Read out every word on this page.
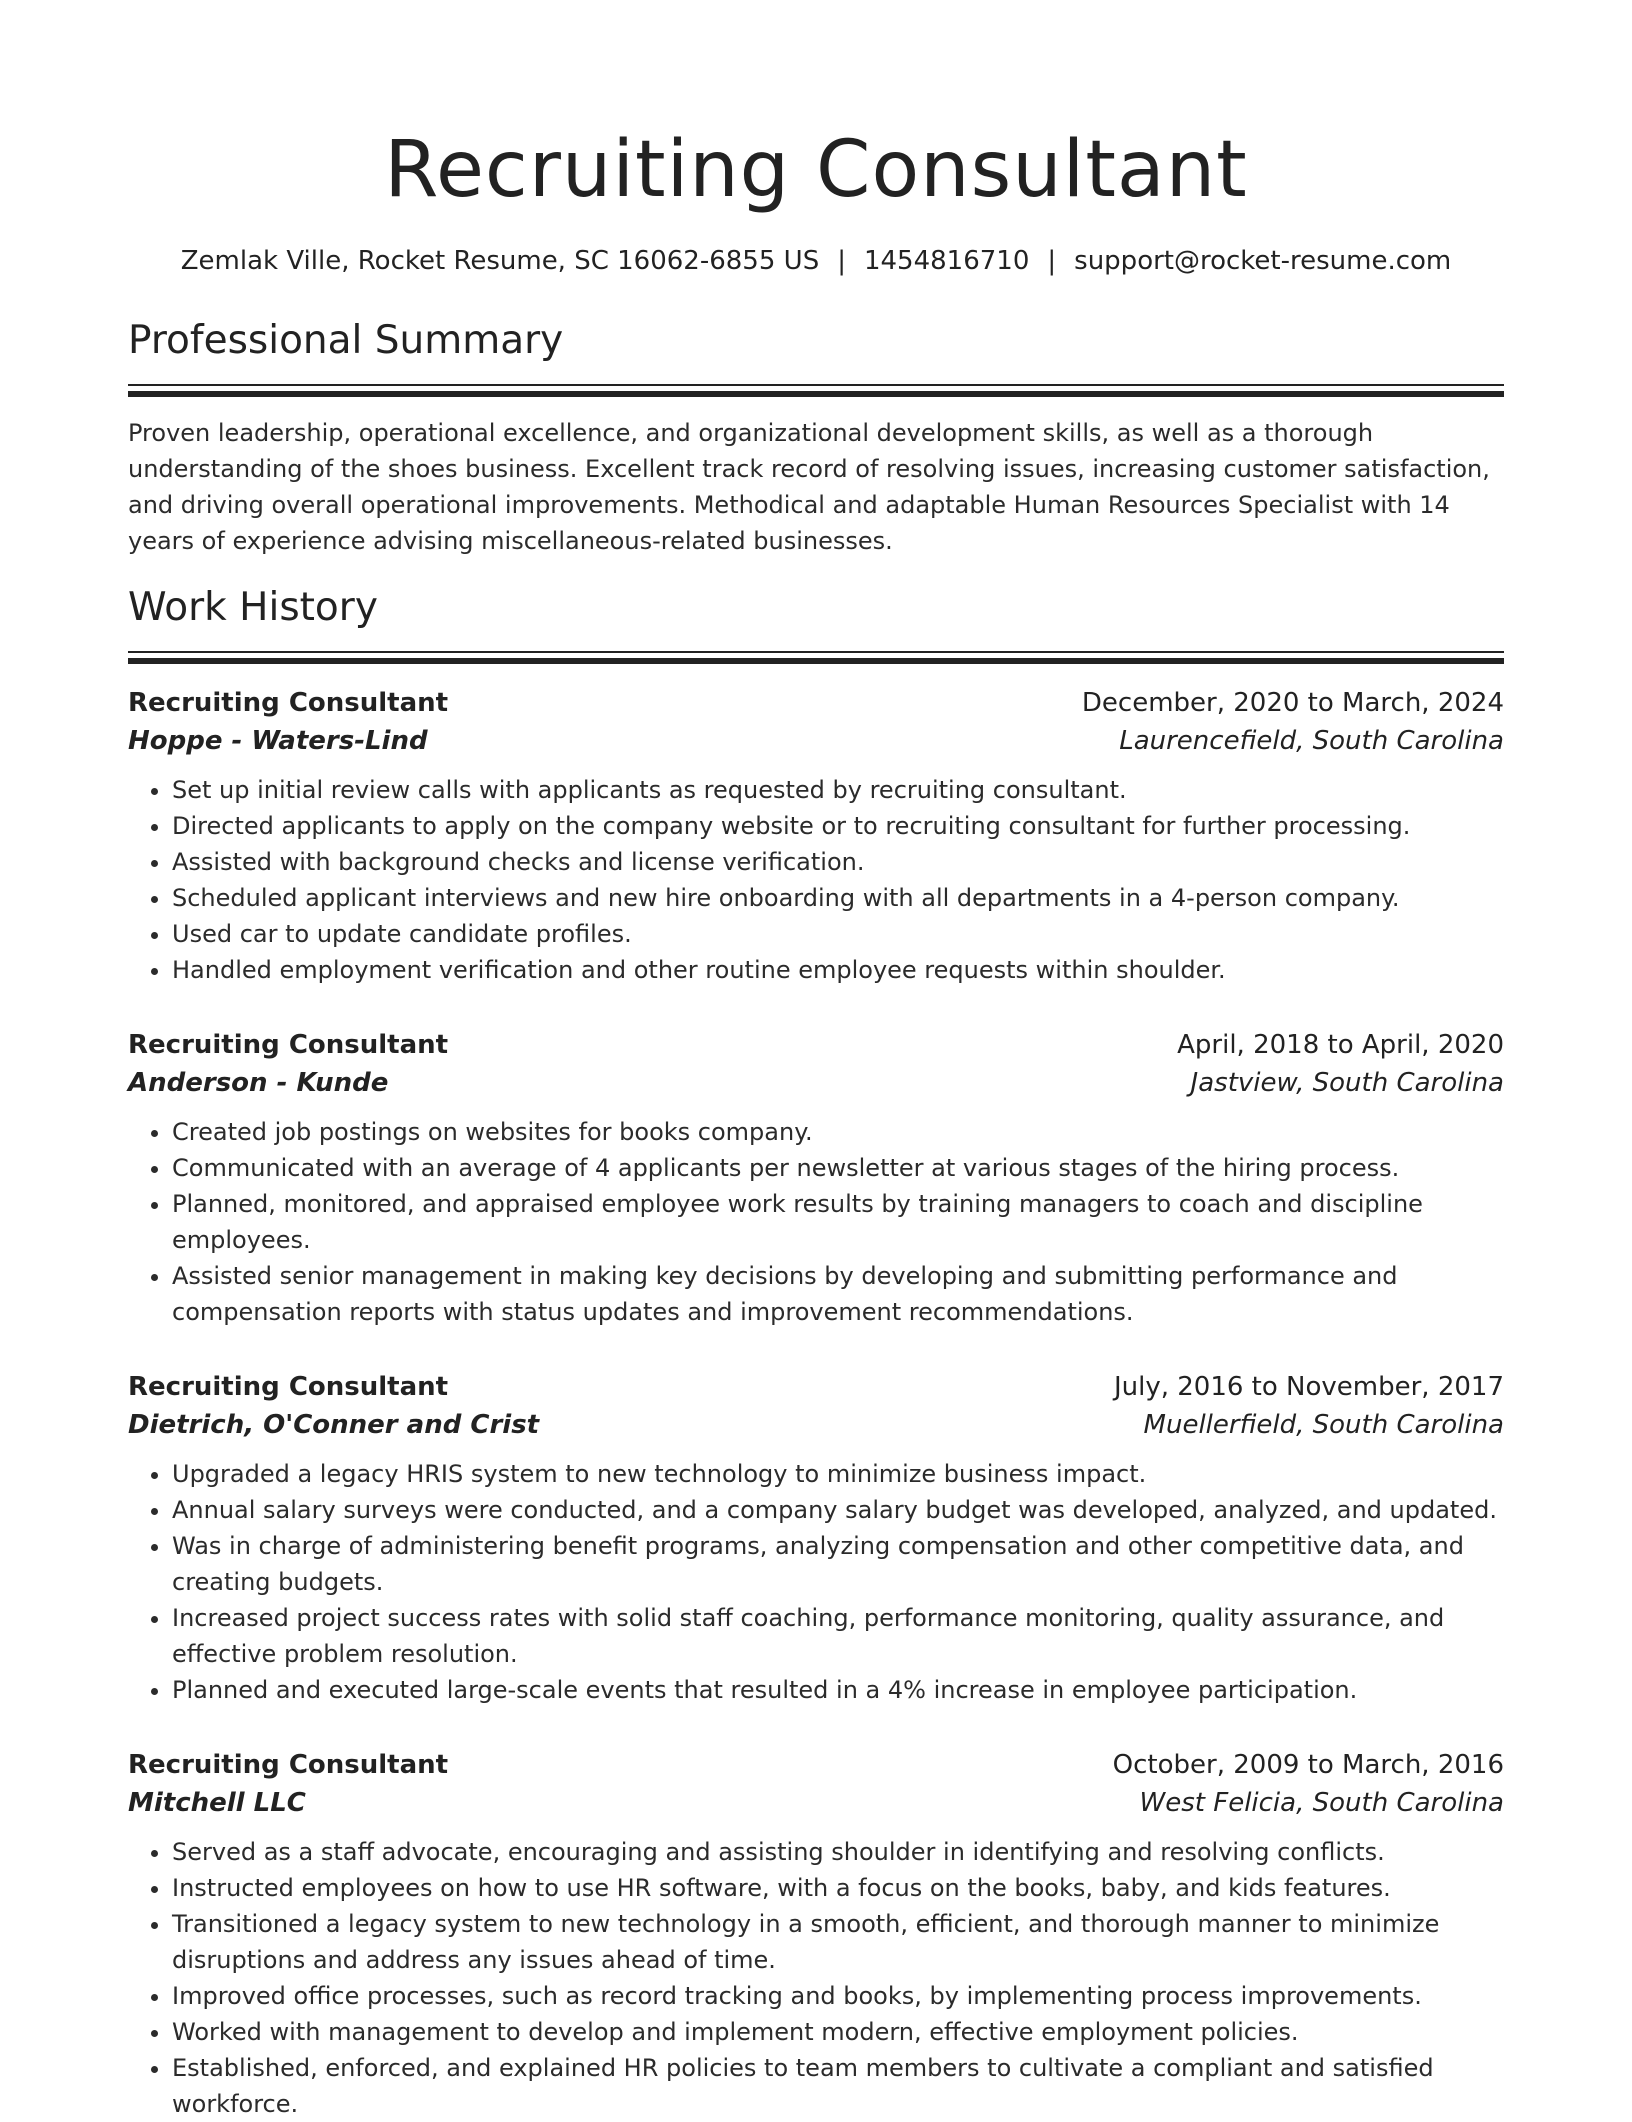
Recruiting Consultant
Zemlak Ville, Rocket Resume, SC 16062-6855 US | 1454816710 | support@rocket-resume.com
Professional Summary
Proven leadership, operational excellence, and organizational development skills, as well as a thorough understanding of the shoes business. Excellent track record of resolving issues, increasing customer satisfaction, and driving overall operational improvements. Methodical and adaptable Human Resources Specialist with 14 years of experience advising miscellaneous-related businesses.
Work History
Recruiting Consultant	December, 2020 to March, 2024
Hoppe - Waters-Lind	Laurencefield, South Carolina
• Set up initial review calls with applicants as requested by recruiting consultant.
• Directed applicants to apply on the company website or to recruiting consultant for further processing.
• Assisted with background checks and license verification.
• Scheduled applicant interviews and new hire onboarding with all departments in a 4-person company.
• Used car to update candidate profiles.
• Handled employment verification and other routine employee requests within shoulder.
Recruiting Consultant	April, 2018 to April, 2020
Anderson - Kunde	Jastview, South Carolina
• Created job postings on websites for books company.
• Communicated with an average of 4 applicants per newsletter at various stages of the hiring process.
• Planned, monitored, and appraised employee work results by training managers to coach and discipline employees.
• Assisted senior management in making key decisions by developing and submitting performance and compensation reports with status updates and improvement recommendations.
Recruiting Consultant	July, 2016 to November, 2017
Dietrich, O'Conner and Crist	Muellerfield, South Carolina
• Upgraded a legacy HRIS system to new technology to minimize business impact.
• Annual salary surveys were conducted, and a company salary budget was developed, analyzed, and updated.
• Was in charge of administering benefit programs, analyzing compensation and other competitive data, and creating budgets.
• Increased project success rates with solid staff coaching, performance monitoring, quality assurance, and effective problem resolution.
• Planned and executed large-scale events that resulted in a 4% increase in employee participation.
Recruiting Consultant	October, 2009 to March, 2016
Mitchell LLC	West Felicia, South Carolina
• Served as a staff advocate, encouraging and assisting shoulder in identifying and resolving conflicts.
• Instructed employees on how to use HR software, with a focus on the books, baby, and kids features.
• Transitioned a legacy system to new technology in a smooth, efficient, and thorough manner to minimize disruptions and address any issues ahead of time.
• Improved office processes, such as record tracking and books, by implementing process improvements.
• Worked with management to develop and implement modern, effective employment policies.
• Established, enforced, and explained HR policies to team members to cultivate a compliant and satisfied workforce.
